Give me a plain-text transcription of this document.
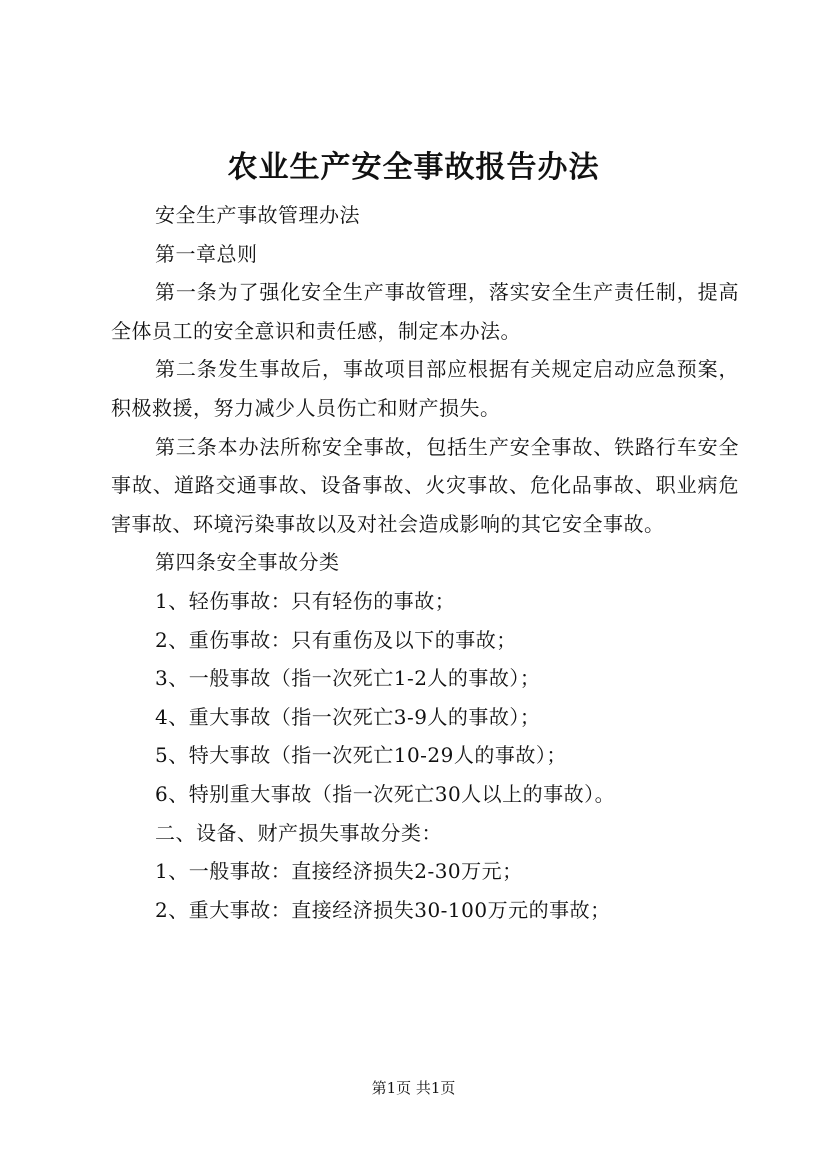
农业生产安全事故报告办法

安全生产事故管理办法

第一章总则

第一条为了强化安全生产事故管理，落实安全生产责任制，提高全体员工的安全意识和责任感，制定本办法。

第二条发生事故后，事故项目部应根据有关规定启动应急预案，积极救援，努力减少人员伤亡和财产损失。

第三条本办法所称安全事故，包括生产安全事故、铁路行车安全事故、道路交通事故、设备事故、火灾事故、危化品事故、职业病危害事故、环境污染事故以及对社会造成影响的其它安全事故。

第四条安全事故分类

1、轻伤事故：只有轻伤的事故；

2、重伤事故：只有重伤及以下的事故；

3、一般事故（指一次死亡1-2人的事故）；

4、重大事故（指一次死亡3-9人的事故）；

5、特大事故（指一次死亡10-29人的事故）；

6、特别重大事故（指一次死亡30人以上的事故）。

二、设备、财产损失事故分类：

1、一般事故：直接经济损失2-30万元；

2、重大事故：直接经济损失30-100万元的事故；

第1页 共1页
